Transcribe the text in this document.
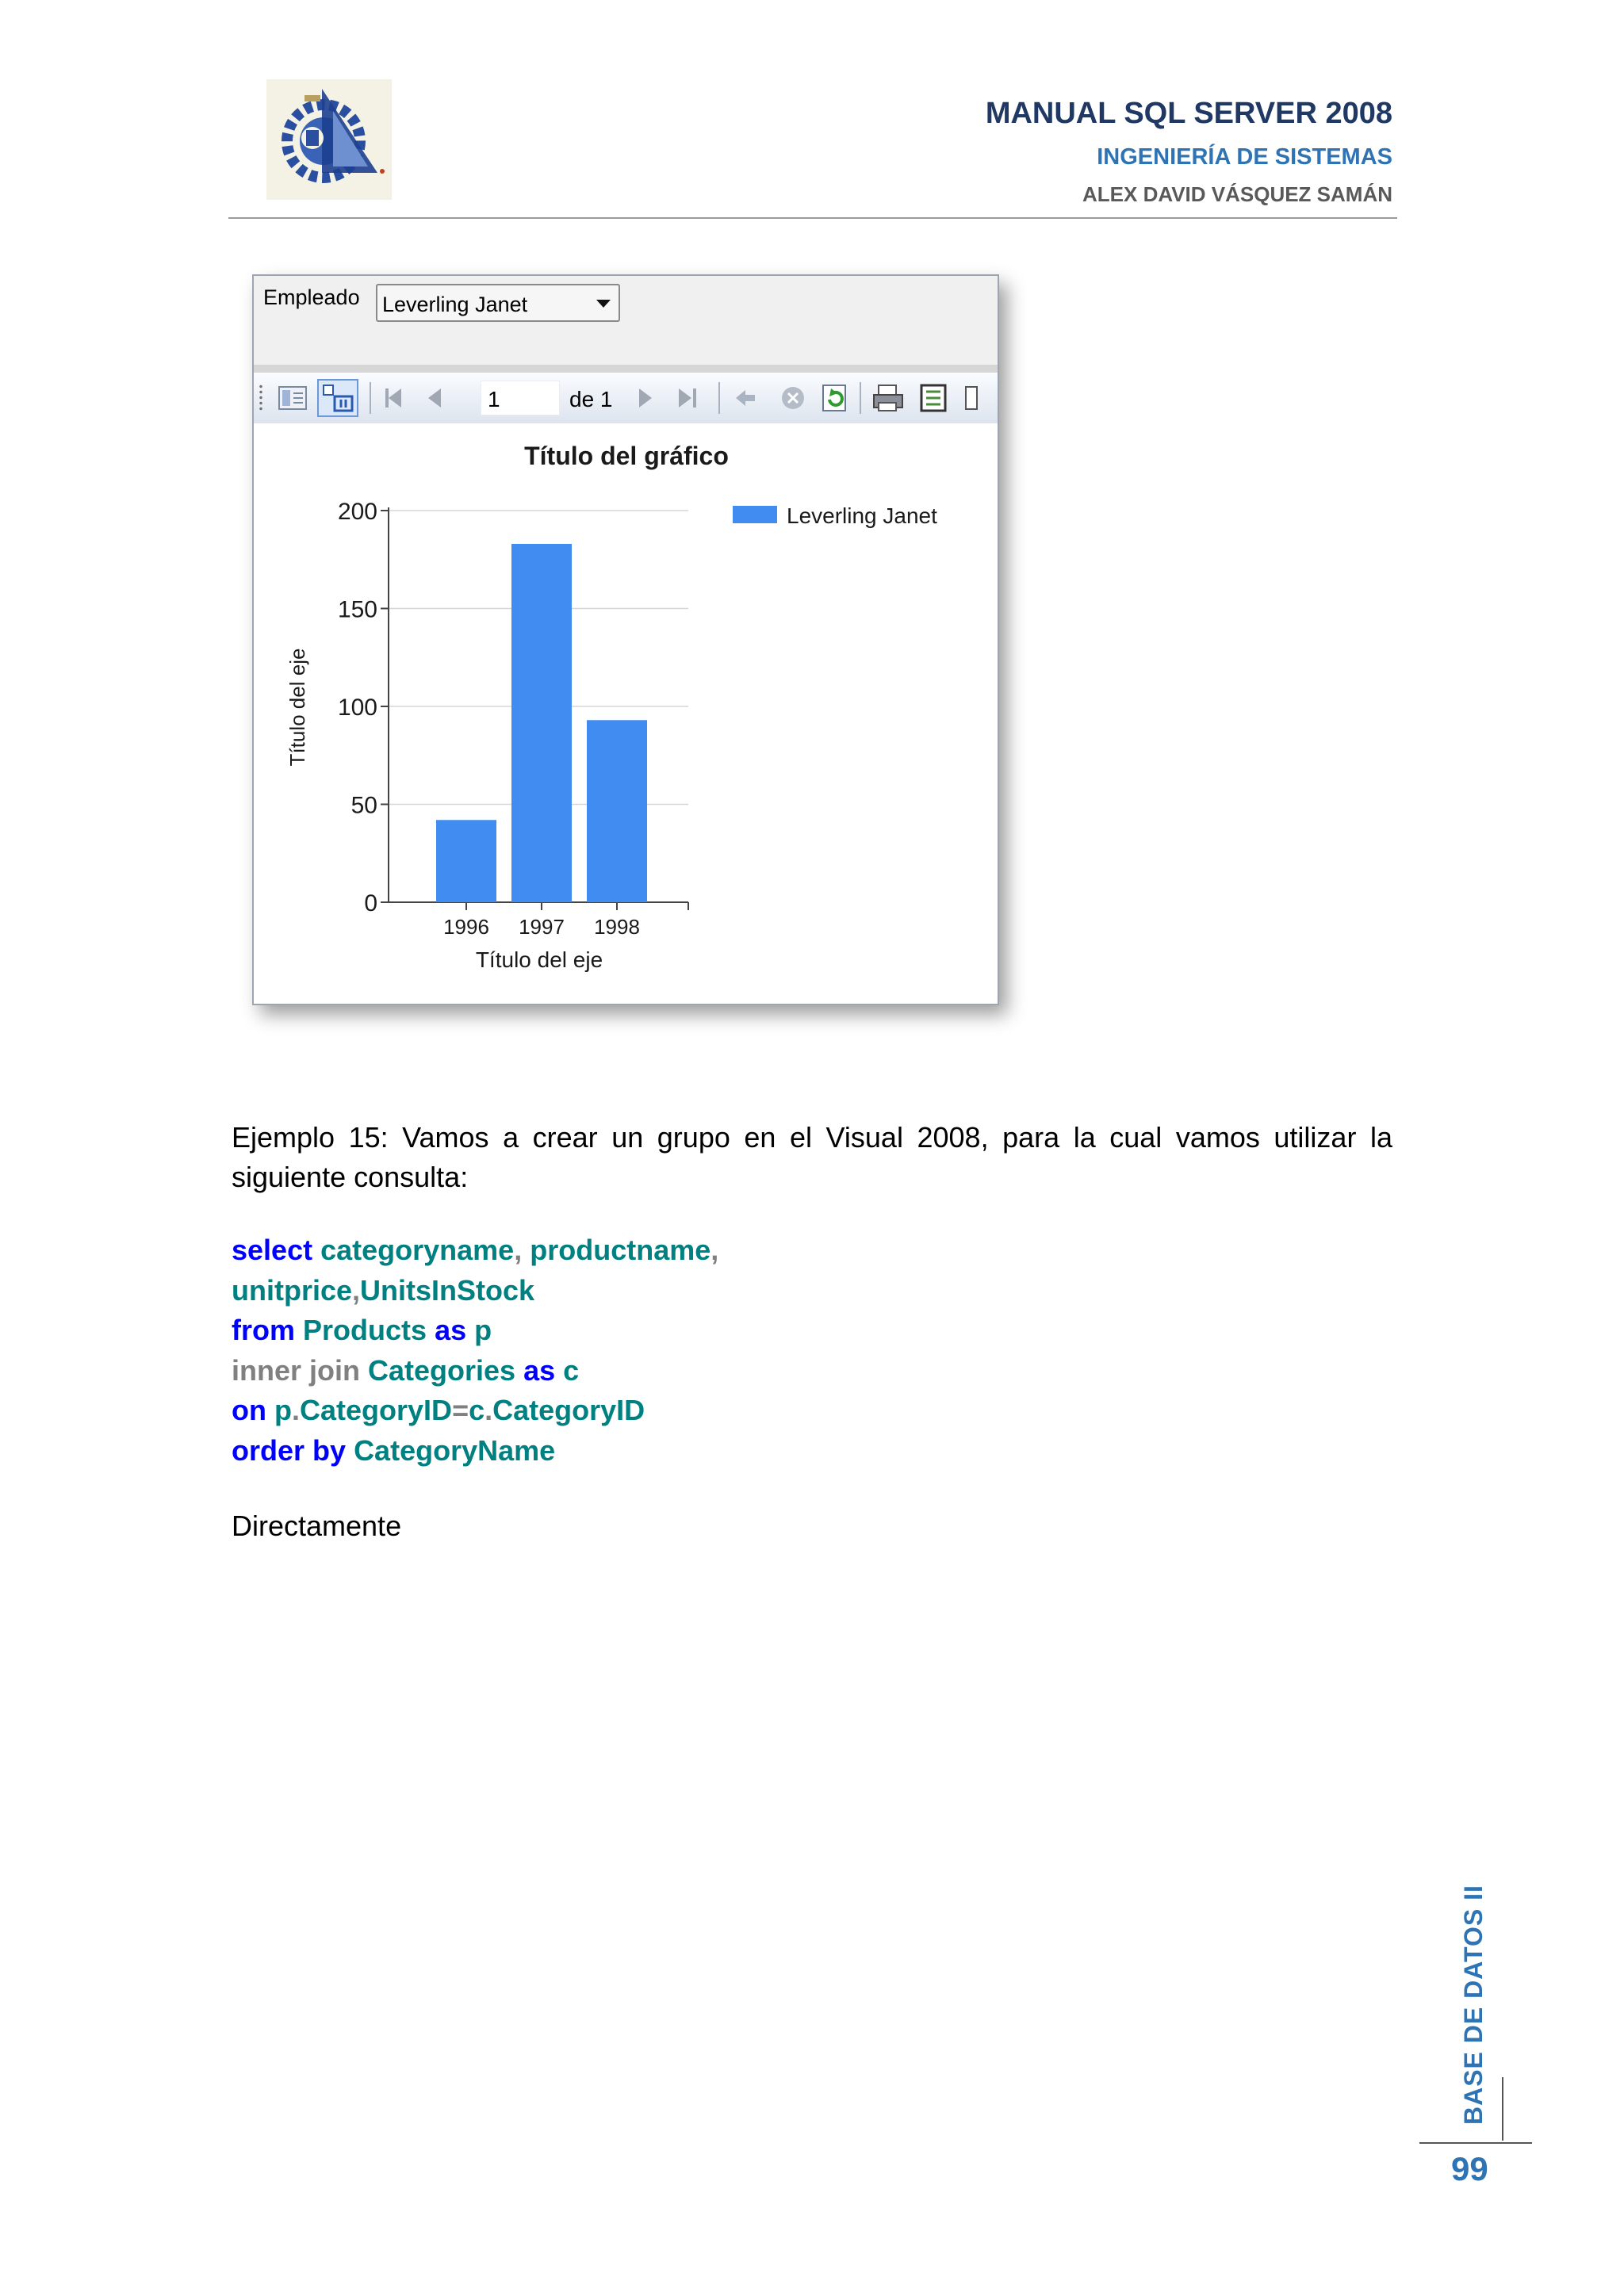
MANUAL SQL SERVER 2008
INGENIERÍA DE SISTEMAS
ALEX DAVID VÁSQUEZ SAMÁN
Empleado Leverling Janet
1	de 1
Título del gráfico
0
50
100
150
200
1996 1997 1998
Título del eje
Título del eje
Leverling Janet
Ejemplo 15: Vamos a crear un grupo en el Visual 2008, para la cual vamos utilizar la siguiente consulta:
select categoryname, productname,
unitprice,UnitsInStock
from Products as p
inner join Categories as c
on p.CategoryID=c.CategoryID
order by CategoryName
Directamente
BASE DE DATOS II
99
